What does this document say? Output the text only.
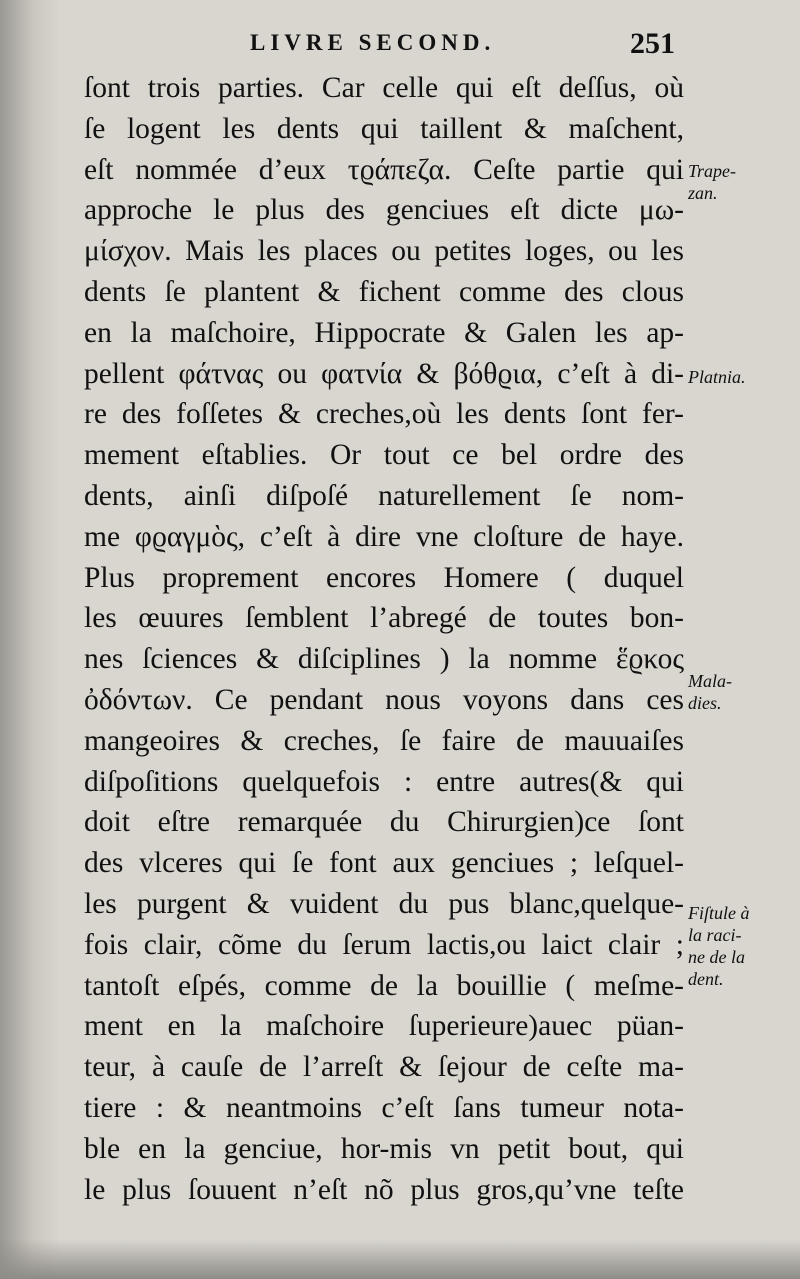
LIVRE SECOND.	251
ſont trois parties. Car celle qui eſt deſſus, où
ſe logent les dents qui taillent & maſchent,
eſt nommée d’eux τϱάπεζα. Ceſte partie qui
approche le plus des genciues eſt dicte μω-
μίσχον. Mais les places ou petites loges, ou les
dents ſe plantent & fichent comme des clous
en la maſchoire, Hippocrate & Galen les ap-
pellent φάτνας ou φατνία & βόθϱια, c’eſt à di-
re des foſſetes & creches,où les dents ſont fer-
mement eſtablies. Or tout ce bel ordre des
dents, ainſi diſpoſé naturellement ſe nom-
me φϱαγμὸς, c’eſt à dire vne cloſture de haye.
Plus proprement encores Homere ( duquel
les œuures ſemblent l’abregé de toutes bon-
nes ſciences & diſciplines ) la nomme ἕϱκος
ὀδόντων. Ce pendant nous voyons dans ces
mangeoires & creches, ſe faire de mauuaiſes
diſpoſitions quelquefois : entre autres(& qui
doit eſtre remarquée du Chirurgien)ce ſont
des vlceres qui ſe font aux genciues ; leſquel-
les purgent & vuident du pus blanc,quelque-
fois clair, cõme du ſerum lactis,ou laict clair ;
tantoſt eſpés, comme de la bouillie ( meſme-
ment en la maſchoire ſuperieure)auec püan-
teur, à cauſe de l’arreſt & ſejour de ceſte ma-
tiere : & neantmoins c’eſt ſans tumeur nota-
ble en la genciue, hor-mis vn petit bout, qui
le plus ſouuent n’eſt nõ plus gros,qu’vne teſte
Trape-
zan.
Platnia.
Mala-
dies.
Fiſtule à
la raci-
ne de la
dent.
